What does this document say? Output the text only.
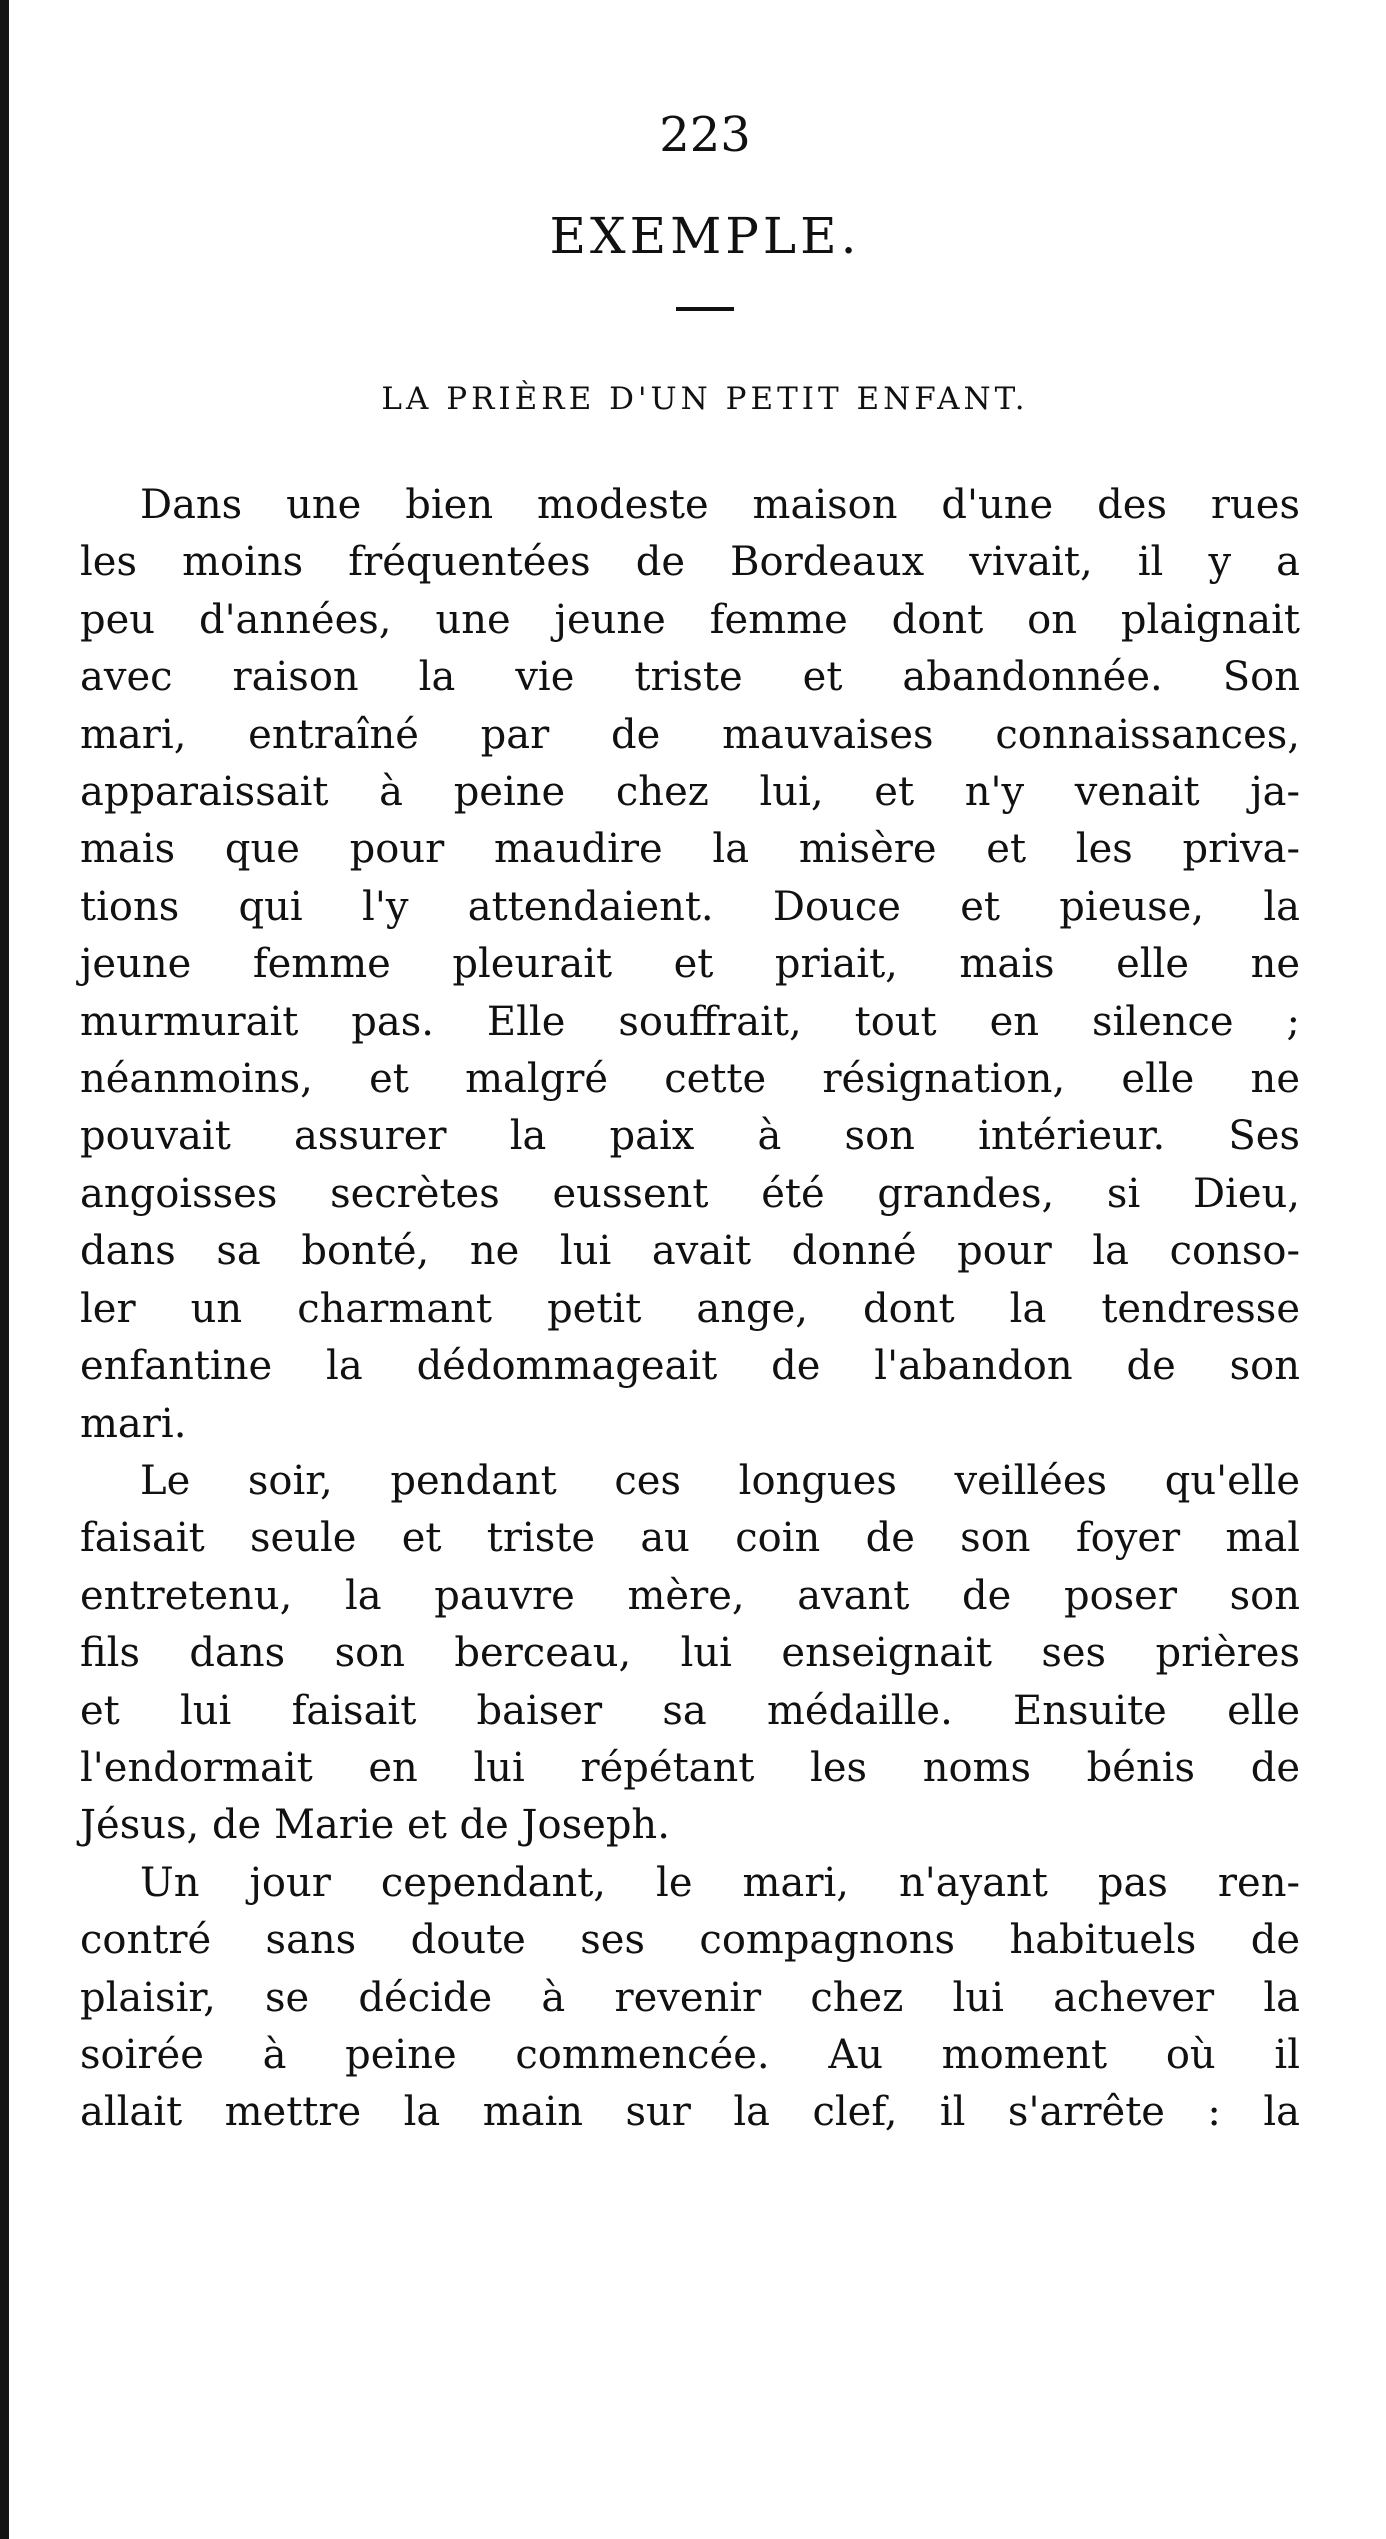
223
EXEMPLE.
LA PRIÈRE D'UN PETIT ENFANT.
Dans une bien modeste maison d'une des rues
les moins fréquentées de Bordeaux vivait, il y a
peu d'années, une jeune femme dont on plaignait
avec raison la vie triste et abandonnée. Son
mari, entraîné par de mauvaises connaissances,
apparaissait à peine chez lui, et n'y venait ja-
mais que pour maudire la misère et les priva-
tions qui l'y attendaient. Douce et pieuse, la
jeune femme pleurait et priait, mais elle ne
murmurait pas. Elle souffrait, tout en silence ;
néanmoins, et malgré cette résignation, elle ne
pouvait assurer la paix à son intérieur. Ses
angoisses secrètes eussent été grandes, si Dieu,
dans sa bonté, ne lui avait donné pour la conso-
ler un charmant petit ange, dont la tendresse
enfantine la dédommageait de l'abandon de son
mari.
Le soir, pendant ces longues veillées qu'elle
faisait seule et triste au coin de son foyer mal
entretenu, la pauvre mère, avant de poser son
fils dans son berceau, lui enseignait ses prières
et lui faisait baiser sa médaille. Ensuite elle
l'endormait en lui répétant les noms bénis de
Jésus, de Marie et de Joseph.
Un jour cependant, le mari, n'ayant pas ren-
contré sans doute ses compagnons habituels de
plaisir, se décide à revenir chez lui achever la
soirée à peine commencée. Au moment où il
allait mettre la main sur la clef, il s'arrête : la
